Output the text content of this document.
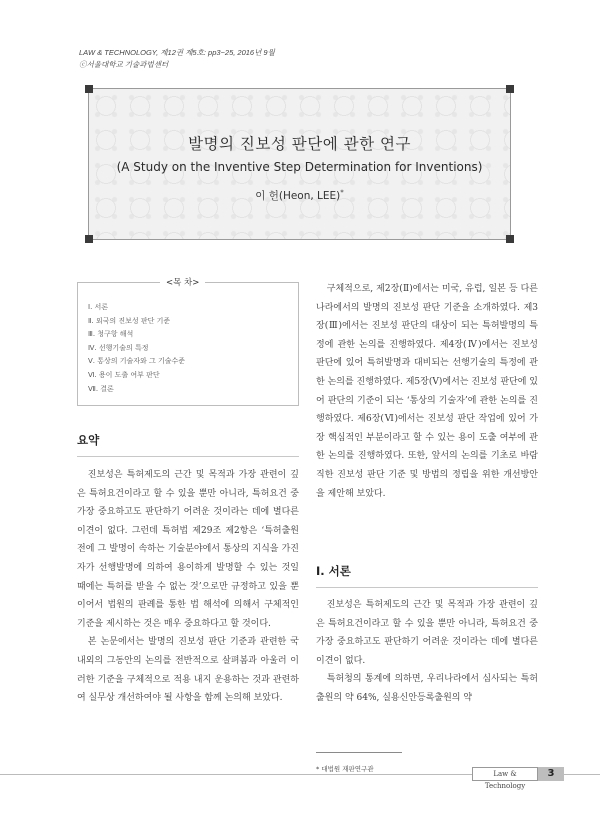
LAW & TECHNOLOGY, 제12권 제5호: pp3~25, 2016년 9월
ⓒ서울대학교 기술과법센터
발명의 진보성 판단에 관한 연구
(A Study on the Inventive Step Determination for Inventions)
이 헌(Heon, LEE)*
<목 차>
Ⅰ. 서론
Ⅱ. 외국의 진보성 판단 기준
Ⅲ. 청구항 해석
Ⅳ. 선행기술의 특정
Ⅴ. 통상의 기술자와 그 기술수준
Ⅵ. 용이 도출 여부 판단
Ⅶ. 결론
요약

진보성은 특허제도의 근간 및 목적과 가장 관련이 깊은 특허요건이라고 할 수 있을 뿐만 아니라, 특허요건 중 가장 중요하고도 판단하기 어려운 것이라는 데에 별다른 이견이 없다. 그런데 특허법 제29조 제2항은 ‘특허출원 전에 그 발명이 속하는 기술분야에서 통상의 지식을 가진 자가 선행발명에 의하여 용이하게 발명할 수 있는 것일 때에는 특허를 받을 수 없는 것’으로만 규정하고 있을 뿐이어서 법원의 판례를 통한 법 해석에 의해서 구체적인 기준을 제시하는 것은 매우 중요하다고 할 것이다.

본 논문에서는 발명의 진보성 판단 기준과 관련한 국내외의 그동안의 논의를 전반적으로 살펴봄과 아울러 이러한 기준을 구체적으로 적용 내지 운용하는 것과 관련하여 실무상 개선하여야 될 사항을 함께 논의해 보았다.

구체적으로, 제2장(Ⅱ)에서는 미국, 유럽, 일본 등 다른 나라에서의 발명의 진보성 판단 기준을 소개하였다. 제3장(Ⅲ)에서는 진보성 판단의 대상이 되는 특허발명의 특정에 관한 논의를 진행하였다. 제4장(Ⅳ)에서는 진보성 판단에 있어 특허발명과 대비되는 선행기술의 특정에 관한 논의를 진행하였다. 제5장(Ⅴ)에서는 진보성 판단에 있어 판단의 기준이 되는 ‘통상의 기술자’에 관한 논의를 진행하였다. 제6장(Ⅵ)에서는 진보성 판단 작업에 있어 가장 핵심적인 부분이라고 할 수 있는 용이 도출 여부에 관한 논의를 진행하였다. 또한, 앞서의 논의를 기초로 바람직한 진보성 판단 기준 및 방법의 정립을 위한 개선방안을 제안해 보았다.

I. 서론

진보성은 특허제도의 근간 및 목적과 가장 관련이 깊은 특허요건이라고 할 수 있을 뿐만 아니라, 특허요건 중 가장 중요하고도 판단하기 어려운 것이라는 데에 별다른 이견이 없다.

특허청의 통계에 의하면, 우리나라에서 심사되는 특허출원의 약 64%, 실용신안등록출원의 약

* 대법원 재판연구관
Law & Technology
3
